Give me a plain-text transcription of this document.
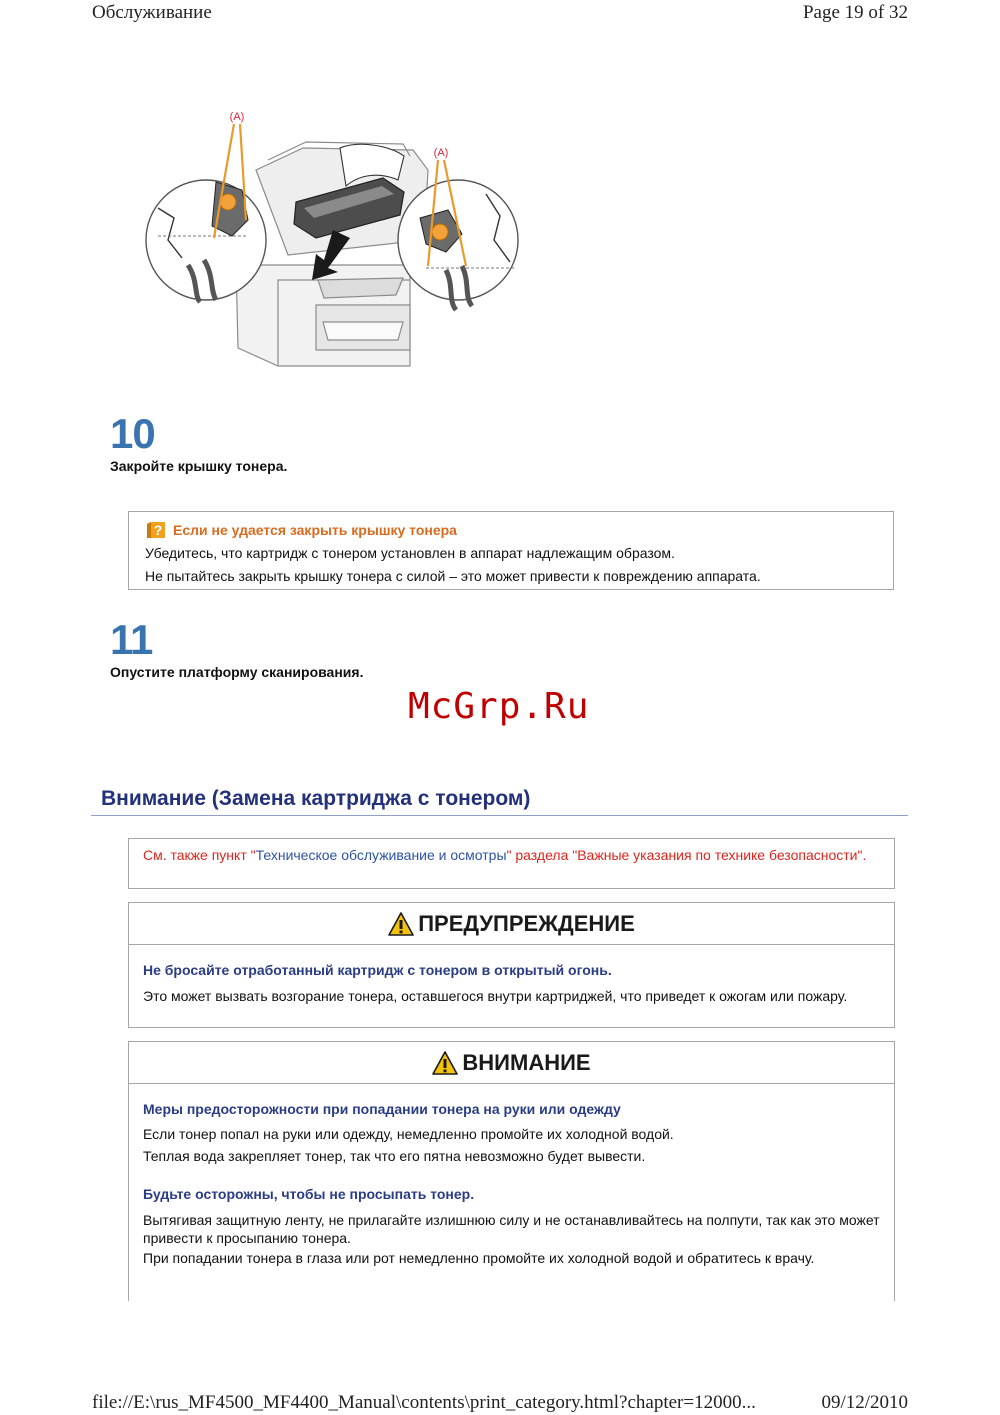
Обслуживание	Page 19 of 32
(A)
(A)
10
Закройте крышку тонера.
? Если не удается закрыть крышку тонера
Убедитесь, что картридж с тонером установлен в аппарат надлежащим образом.
Не пытайтесь закрыть крышку тонера с силой – это может привести к повреждению аппарата.
11
Опустите платформу сканирования.
McGrp.Ru
Внимание (Замена картриджа с тонером)
См. также пункт "Техническое обслуживание и осмотры" раздела "Важные указания по технике безопасности".
ПРЕДУПРЕЖДЕНИЕ
Не бросайте отработанный картридж с тонером в открытый огонь.
Это может вызвать возгорание тонера, оставшегося внутри картриджей, что приведет к ожогам или пожару.
ВНИМАНИЕ
Меры предосторожности при попадании тонера на руки или одежду
Если тонер попал на руки или одежду, немедленно промойте их холодной водой.
Теплая вода закрепляет тонер, так что его пятна невозможно будет вывести.
Будьте осторожны, чтобы не просыпать тонер.
Вытягивая защитную ленту, не прилагайте излишнюю силу и не останавливайтесь на полпути, так как это может привести к просыпанию тонера.
При попадании тонера в глаза или рот немедленно промойте их холодной водой и обратитесь к врачу.
file://E:\rus_MF4500_MF4400_Manual\contents\print_category.html?chapter=12000...	09/12/2010
